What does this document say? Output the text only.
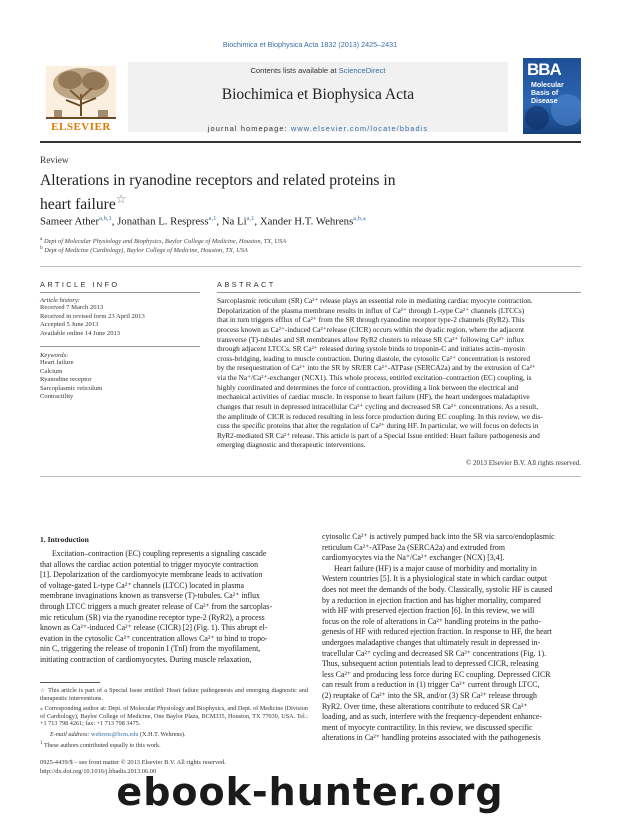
Biochimica et Biophysica Acta 1832 (2013) 2425–2431
Contents lists available at ScienceDirect
Biochimica et Biophysica Acta
journal homepage: www.elsevier.com/locate/bbadis
ELSEVIER
BBA
Molecular
Basis of
Disease
Review
Alterations in ryanodine receptors and related proteins in
heart failure☆
Sameer Ather$^{a,b,1}$, Jonathan L. Respress$^{a,1}$, Na Li$^{a,1}$, Xander H.T. Wehrens$^{a,b,⁎}$
$^a$ Dept of Molecular Physiology and Biophysics, Baylor College of Medicine, Houston, TX, USA
$^b$ Dept of Medicine (Cardiology), Baylor College of Medicine, Houston, TX, USA
ARTICLE INFO
Article history:
Received 7 March 2013
Received in revised form 23 April 2013
Accepted 5 June 2013
Available online 14 June 2013
Keywords:
Heart failure
Calcium
Ryanodine receptor
Sarcoplasmic reticulum
Contractility
ABSTRACT
Sarcoplasmic reticulum (SR) Ca²⁺ release plays an essential role in mediating cardiac myocyte contraction.
Depolarization of the plasma membrane results in influx of Ca²⁺ through L-type Ca²⁺ channels (LTCCs)
that in turn triggers efflux of Ca²⁺ from the SR through ryanodine receptor type-2 channels (RyR2). This
process known as Ca²⁺-induced Ca²⁺release (CICR) occurs within the dyadic region, where the adjacent
transverse (T)-tubules and SR membranes allow RyR2 clusters to release SR Ca²⁺ following Ca²⁺ influx
through adjacent LTCCs. SR Ca²⁺ released during systole binds to troponin-C and initiates actin–myosin
cross-bridging, leading to muscle contraction. During diastole, the cytosolic Ca²⁺ concentration is restored
by the resequestration of Ca²⁺ into the SR by SR/ER Ca²⁺-ATPase (SERCA2a) and by the extrusion of Ca²⁺
via the Na⁺/Ca²⁺-exchanger (NCX1). This whole process, entitled excitation–contraction (EC) coupling, is
highly coordinated and determines the force of contraction, providing a link between the electrical and
mechanical activities of cardiac muscle. In response to heart failure (HF), the heart undergoes maladaptive
changes that result in depressed intracellular Ca²⁺ cycling and decreased SR Ca²⁺ concentrations. As a result,
the amplitude of CICR is reduced resulting in less force production during EC coupling. In this review, we dis-
cuss the specific proteins that alter the regulation of Ca²⁺ during HF. In particular, we will focus on defects in
RyR2-mediated SR Ca²⁺ release. This article is part of a Special Issue entitled: Heart failure pathogenesis and
emerging diagnostic and therapeutic interventions.
© 2013 Elsevier B.V. All rights reserved.
1. Introduction
Excitation–contraction (EC) coupling represents a signaling cascade
that allows the cardiac action potential to trigger myocyte contraction
[1]. Depolarization of the cardiomyocyte membrane leads to activation
of voltage-gated L-type Ca²⁺ channels (LTCC) located in plasma
membrane invaginations known as transverse (T)-tubules. Ca²⁺ influx
through LTCC triggers a much greater release of Ca²⁺ from the sarcoplas-
mic reticulum (SR) via the ryanodine receptor type-2 (RyR2), a process
known as Ca²⁺-induced Ca²⁺ release (CICR) [2] (Fig. 1). This abrupt el-
evation in the cytosolic Ca²⁺ concentration allows Ca²⁺ to bind to tropo-
nin C, triggering the release of troponin I (TnI) from the myofilament,
initiating contraction of cardiomyocytes. During muscle relaxation,
cytosolic Ca²⁺ is actively pumped back into the SR via sarco/endoplasmic
reticulum Ca²⁺-ATPase 2a (SERCA2a) and extruded from
cardiomyocytes via the Na⁺/Ca²⁺ exchanger (NCX) [3,4].
Heart failure (HF) is a major cause of morbidity and mortality in
Western countries [5]. It is a physiological state in which cardiac output
does not meet the demands of the body. Classically, systolic HF is caused
by a reduction in ejection fraction and has higher mortality, compared
with HF with preserved ejection fraction [6]. In this review, we will
focus on the role of alterations in Ca²⁺ handling proteins in the patho-
genesis of HF with reduced ejection fraction. In response to HF, the heart
undergoes maladaptive changes that ultimately result in depressed in-
tracellular Ca²⁺ cycling and decreased SR Ca²⁺ concentrations (Fig. 1).
Thus, subsequent action potentials lead to depressed CICR, releasing
less Ca²⁺ and producing less force during EC coupling. Depressed CICR
can result from a reduction in (1) trigger Ca²⁺ current through LTCC,
(2) reuptake of Ca²⁺ into the SR, and/or (3) SR Ca²⁺ release through
RyR2. Over time, these alterations contribute to reduced SR Ca²⁺
loading, and as such, interfere with the frequency-dependent enhance-
ment of myocyte contractility. In this review, we discussed specific
alterations in Ca²⁺ handling proteins associated with the pathogenesis
☆ This article is part of a Special Issue entitled: Heart failure pathogenesis and emerging diagnostic and therapeutic interventions.
⁎ Corresponding author at: Dept. of Molecular Physiology and Biophysics, and Dept. of Medicine (Division of Cardiology), Baylor College of Medicine, One Baylor Plaza, BCM335, Houston, TX 77030, USA. Tel.: +1 713 798 4261; fax: +1 713 798 3475.
E-mail address: wehrens@bcm.edu (X.H.T. Wehrens).
$^1$ These authors contributed equally to this work.
0925-4439/$ – see front matter © 2013 Elsevier B.V. All rights reserved.
http://dx.doi.org/10.1016/j.bbadis.2013.06.00
ebook-hunter.org
